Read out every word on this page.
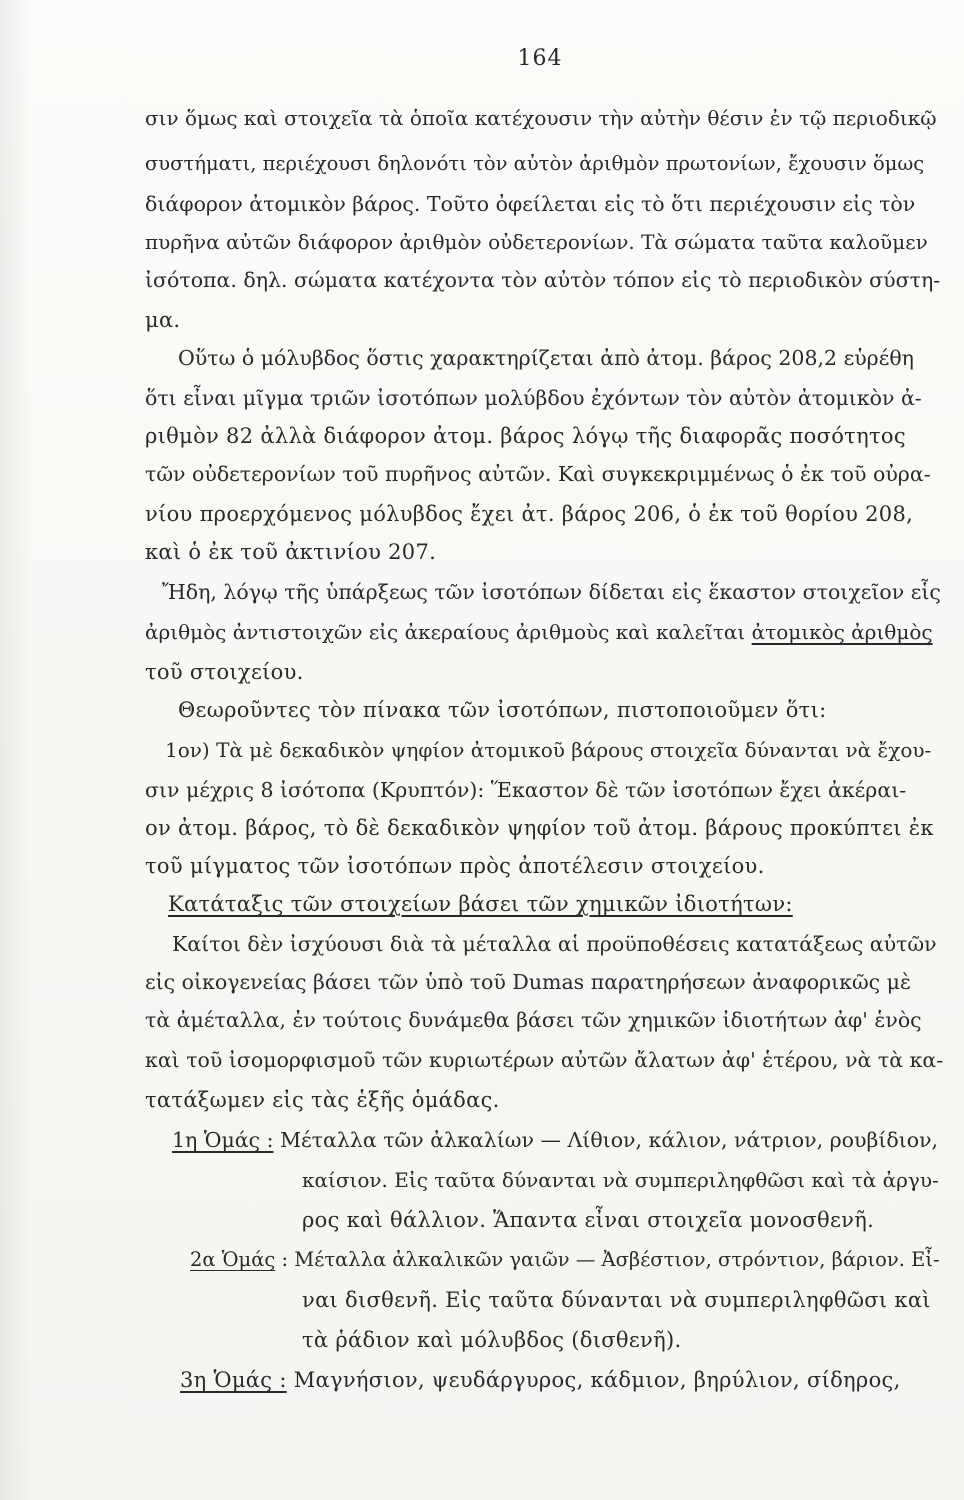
164
σιν ὅμως καὶ στοιχεῖα τὰ ὁποῖα κατέχουσιν τὴν αὐτὴν θέσιν ἐν τῷ περιοδικῷ
συστήματι, περιέχουσι δηλονότι τὸν αὐτὸν ἀριθμὸν πρωτονίων, ἔχουσιν ὅμως
διάφορον ἀτομικὸν βάρος. Τοῦτο ὀφείλεται εἰς τὸ ὅτι περιέχουσιν εἰς τὸν
πυρῆνα αὐτῶν διάφορον ἀριθμὸν οὐδετερονίων. Τὰ σώματα ταῦτα καλοῦμεν
ἰσότοπα. δηλ. σώματα κατέχοντα τὸν αὐτὸν τόπον εἰς τὸ περιοδικὸν σύστη-
μα.
Οὕτω ὁ μόλυβδος ὅστις χαρακτηρίζεται ἀπὸ ἀτομ. βάρος 208,2 εὑρέθη
ὅτι εἶναι μῖγμα τριῶν ἰσοτόπων μολύβδου ἐχόντων τὸν αὐτὸν ἀτομικὸν ἀ-
ριθμὸν 82 ἀλλὰ διάφορον ἀτομ. βάρος λόγῳ τῆς διαφορᾶς ποσότητος
τῶν οὐδετερονίων τοῦ πυρῆνος αὐτῶν. Καὶ συγκεκριμμένως ὁ ἐκ τοῦ οὐρα-
νίου προερχόμενος μόλυβδος ἔχει ἀτ. βάρος 206, ὁ ἐκ τοῦ θορίου 208,
καὶ ὁ ἐκ τοῦ ἀκτινίου 207.
Ἤδη, λόγῳ τῆς ὑπάρξεως τῶν ἰσοτόπων δίδεται εἰς ἕκαστον στοιχεῖον εἷς
ἀριθμὸς ἀντιστοιχῶν εἰς ἀκεραίους ἀριθμοὺς καὶ καλεῖται ἀτομικὸς ἀριθμὸς
τοῦ στοιχείου.
Θεωροῦντες τὸν πίνακα τῶν ἰσοτόπων, πιστοποιοῦμεν ὅτι:
1ον) Τὰ μὲ δεκαδικὸν ψηφίον ἀτομικοῦ βάρους στοιχεῖα δύνανται νὰ ἔχου-
σιν μέχρις 8 ἰσότοπα (Κρυπτόν): Ἕκαστον δὲ τῶν ἰσοτόπων ἔχει ἀκέραι-
ον ἀτομ. βάρος, τὸ δὲ δεκαδικὸν ψηφίον τοῦ ἀτομ. βάρους προκύπτει ἐκ
τοῦ μίγματος τῶν ἰσοτόπων πρὸς ἀποτέλεσιν στοιχείου.
Κατάταξις τῶν στοιχείων βάσει τῶν χημικῶν ἰδιοτήτων:
Καίτοι δὲν ἰσχύουσι διὰ τὰ μέταλλα αἱ προϋποθέσεις κατατάξεως αὐτῶν
εἰς οἰκογενείας βάσει τῶν ὑπὸ τοῦ Dumas παρατηρήσεων ἀναφορικῶς μὲ
τὰ ἀμέταλλα, ἐν τούτοις δυνάμεθα βάσει τῶν χημικῶν ἰδιοτήτων ἀφ' ἑνὸς
καὶ τοῦ ἰσομορφισμοῦ τῶν κυριωτέρων αὐτῶν ἄλατων ἀφ' ἑτέρου, νὰ τὰ κα-
τατάξωμεν εἰς τὰς ἑξῆς ὁμάδας.
1η Ὁμάς : Μέταλλα τῶν ἀλκαλίων — Λίθιον, κάλιον, νάτριον, ρουβίδιον,
καίσιον. Εἰς ταῦτα δύνανται νὰ συμπεριληφθῶσι καὶ τὰ ἀργυ-
ρος καὶ θάλλιον. Ἅπαντα εἶναι στοιχεῖα μονοσθενῆ.
2α Ὁμάς : Μέταλλα ἀλκαλικῶν γαιῶν — Ἀσβέστιον, στρόντιον, βάριον. Εἶ-
ναι δισθενῆ. Εἰς ταῦτα δύνανται νὰ συμπεριληφθῶσι καὶ
τὰ ῥάδιον καὶ μόλυβδος (δισθενῆ).
3η Ὁμάς : Μαγνήσιον, ψευδάργυρος, κάδμιον, βηρύλιον, σίδηρος,
